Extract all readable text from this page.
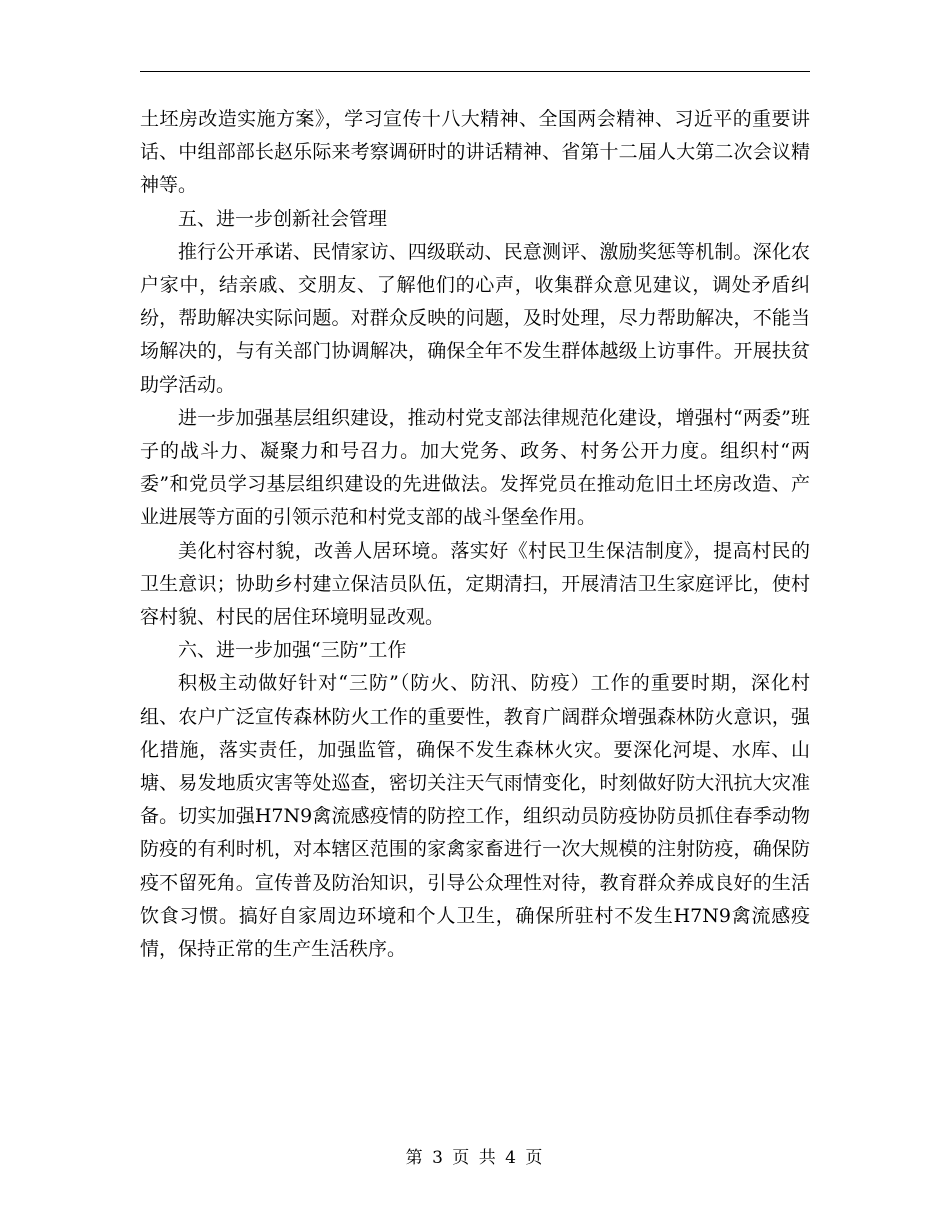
土坯房改造实施方案》，学习宣传十八大精神、全国两会精神、习近平的重要讲话、中组部部长赵乐际来考察调研时的讲话精神、省第十二届人大第二次会议精神等。

五、进一步创新社会管理

推行公开承诺、民情家访、四级联动、民意测评、激励奖惩等机制。深化农户家中，结亲戚、交朋友、了解他们的心声，收集群众意见建议，调处矛盾纠纷，帮助解决实际问题。对群众反映的问题，及时处理，尽力帮助解决，不能当场解决的，与有关部门协调解决，确保全年不发生群体越级上访事件。开展扶贫助学活动。

进一步加强基层组织建设，推动村党支部法律规范化建设，增强村“两委”班子的战斗力、凝聚力和号召力。加大党务、政务、村务公开力度。组织村“两委”和党员学习基层组织建设的先进做法。发挥党员在推动危旧土坯房改造、产业进展等方面的引领示范和村党支部的战斗堡垒作用。

美化村容村貌，改善人居环境。落实好《村民卫生保洁制度》，提高村民的卫生意识；协助乡村建立保洁员队伍，定期清扫，开展清洁卫生家庭评比，使村容村貌、村民的居住环境明显改观。

六、进一步加强“三防”工作

积极主动做好针对“三防”（防火、防汛、防疫）工作的重要时期，深化村组、农户广泛宣传森林防火工作的重要性，教育广阔群众增强森林防火意识，强化措施，落实责任，加强监管，确保不发生森林火灾。要深化河堤、水库、山塘、易发地质灾害等处巡查，密切关注天气雨情变化，时刻做好防大汛抗大灾准备。切实加强H7N9禽流感疫情的防控工作，组织动员防疫协防员抓住春季动物防疫的有利时机，对本辖区范围的家禽家畜进行一次大规模的注射防疫，确保防疫不留死角。宣传普及防治知识，引导公众理性对待，教育群众养成良好的生活饮食习惯。搞好自家周边环境和个人卫生，确保所驻村不发生H7N9禽流感疫情，保持正常的生产生活秩序。

第 3 页 共 4 页
